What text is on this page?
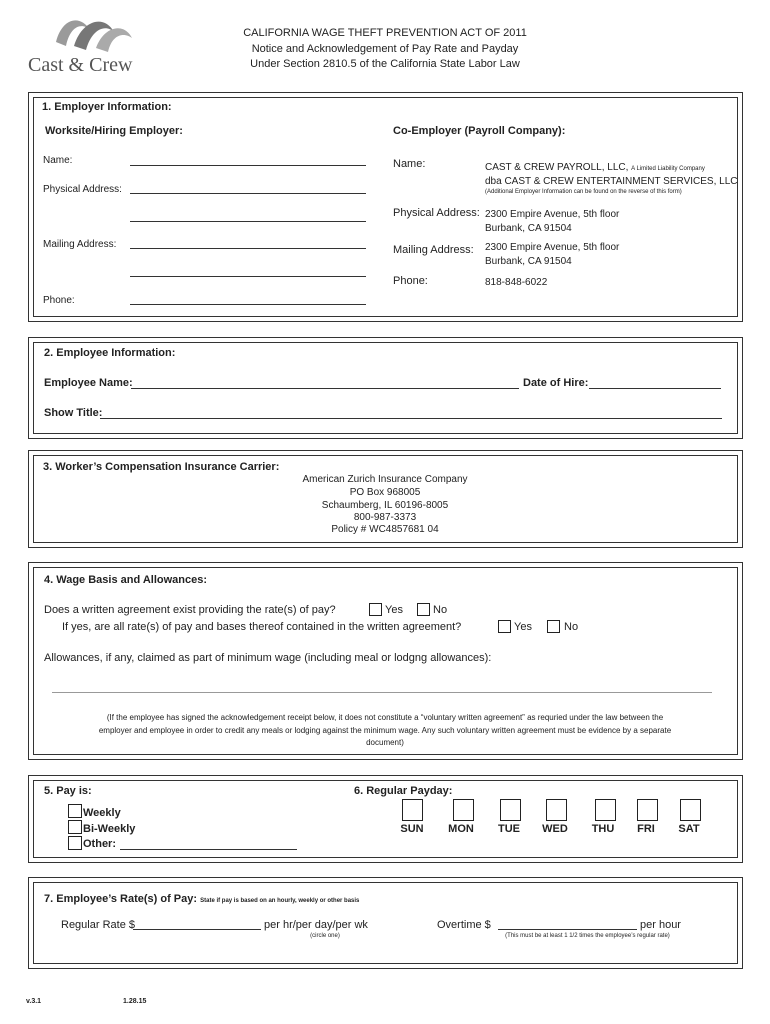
Cast & Crew
CALIFORNIA WAGE THEFT PREVENTION ACT OF 2011
Notice and Acknowledgement of Pay Rate and Payday
Under Section 2810.5 of the California State Labor Law
1. Employer Information:
Worksite/Hiring Employer:	Co-Employer (Payroll Company):
Name:
Physical Address:
Mailing Address:
Phone:
Name:	CAST & CREW PAYROLL, LLC, A Limited Liability Company
dba CAST & CREW ENTERTAINMENT SERVICES, LLC
(Additional Employer Information can be found on the reverse of this form)
Physical Address: 2300 Empire Avenue, 5th floor
Burbank, CA 91504
Mailing Address: 2300 Empire Avenue, 5th floor
Burbank, CA 91504
Phone:	818-848-6022
2. Employee Information:
Employee Name:	Date of Hire:
Show Title:
3. Worker’s Compensation Insurance Carrier:
American Zurich Insurance Company
PO Box 968005
Schaumberg, IL 60196-8005
800-987-3373
Policy # WC4857681 04
4. Wage Basis and Allowances:
Does a written agreement exist providing the rate(s) of pay?	Yes	No
If yes, are all rate(s) of pay and bases thereof contained in the written agreement?	Yes	No
Allowances, if any, claimed as part of minimum wage (including meal or lodgng allowances):
(If the employee has signed the acknowledgement receipt below, it does not constitute a “voluntary written agreement” as requried under the law between the
employer and employee in order to credit any meals or lodging against the minimum wage. Any such voluntary written agreement must be evidence by a separate
document)
5. Pay is:
Weekly
Bi-Weekly
Other:
6. Regular Payday:
SUN	MON	TUE	WED	THU	FRI	SAT
7. Employee’s Rate(s) of Pay: State if pay is based on an hourly, weekly or other basis
Regular Rate $	per hr/per day/per wk
(circle one)
Overtime $	per hour
(This must be at least 1 1/2 times the employee’s regular rate)
v.3.1	1.28.15
